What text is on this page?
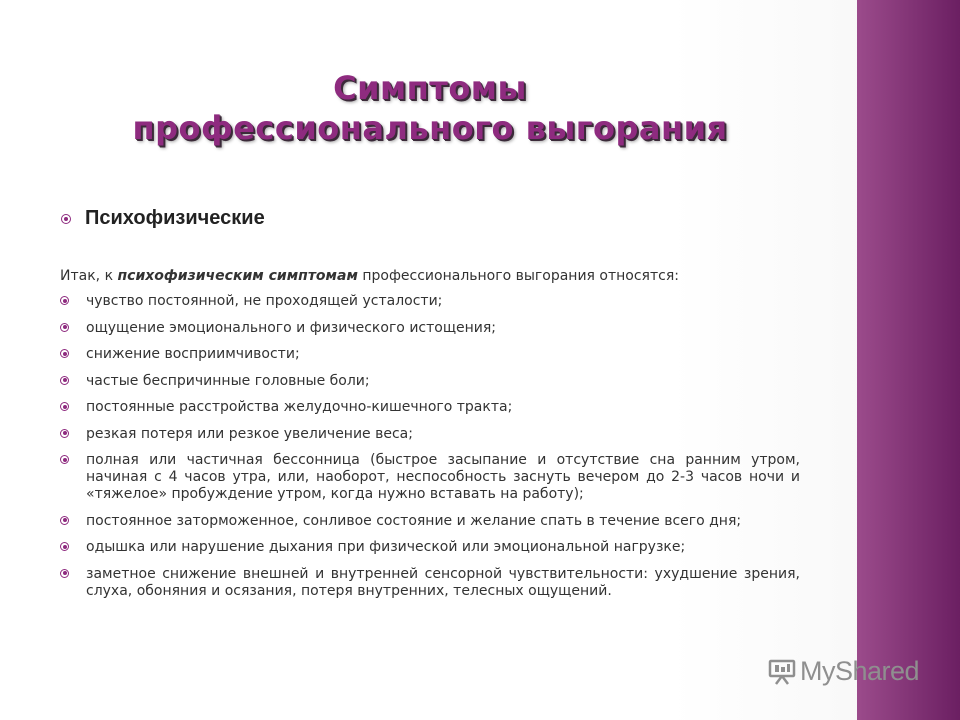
Симптомы
профессионального выгорания
Психофизические
Итак, к психофизическим симптомам профессионального выгорания относятся:
чувство постоянной, не проходящей усталости;
ощущение эмоционального и физического истощения;
снижение восприимчивости;
частые беспричинные головные боли;
постоянные расстройства желудочно-кишечного тракта;
резкая потеря или резкое увеличение веса;
полная или частичная бессонница (быстрое засыпание и отсутствие сна ранним утром, начиная с 4 часов утра, или, наоборот, неспособность заснуть вечером до 2-3 часов ночи и «тяжелое» пробуждение утром, когда нужно вставать на работу);
постоянное заторможенное, сонливое состояние и желание спать в течение всего дня;
одышка или нарушение дыхания при физической или эмоциональной нагрузке;
заметное снижение внешней и внутренней сенсорной чувствительности: ухудшение зрения, слуха, обоняния и осязания, потеря внутренних, телесных ощущений.
MyShared
